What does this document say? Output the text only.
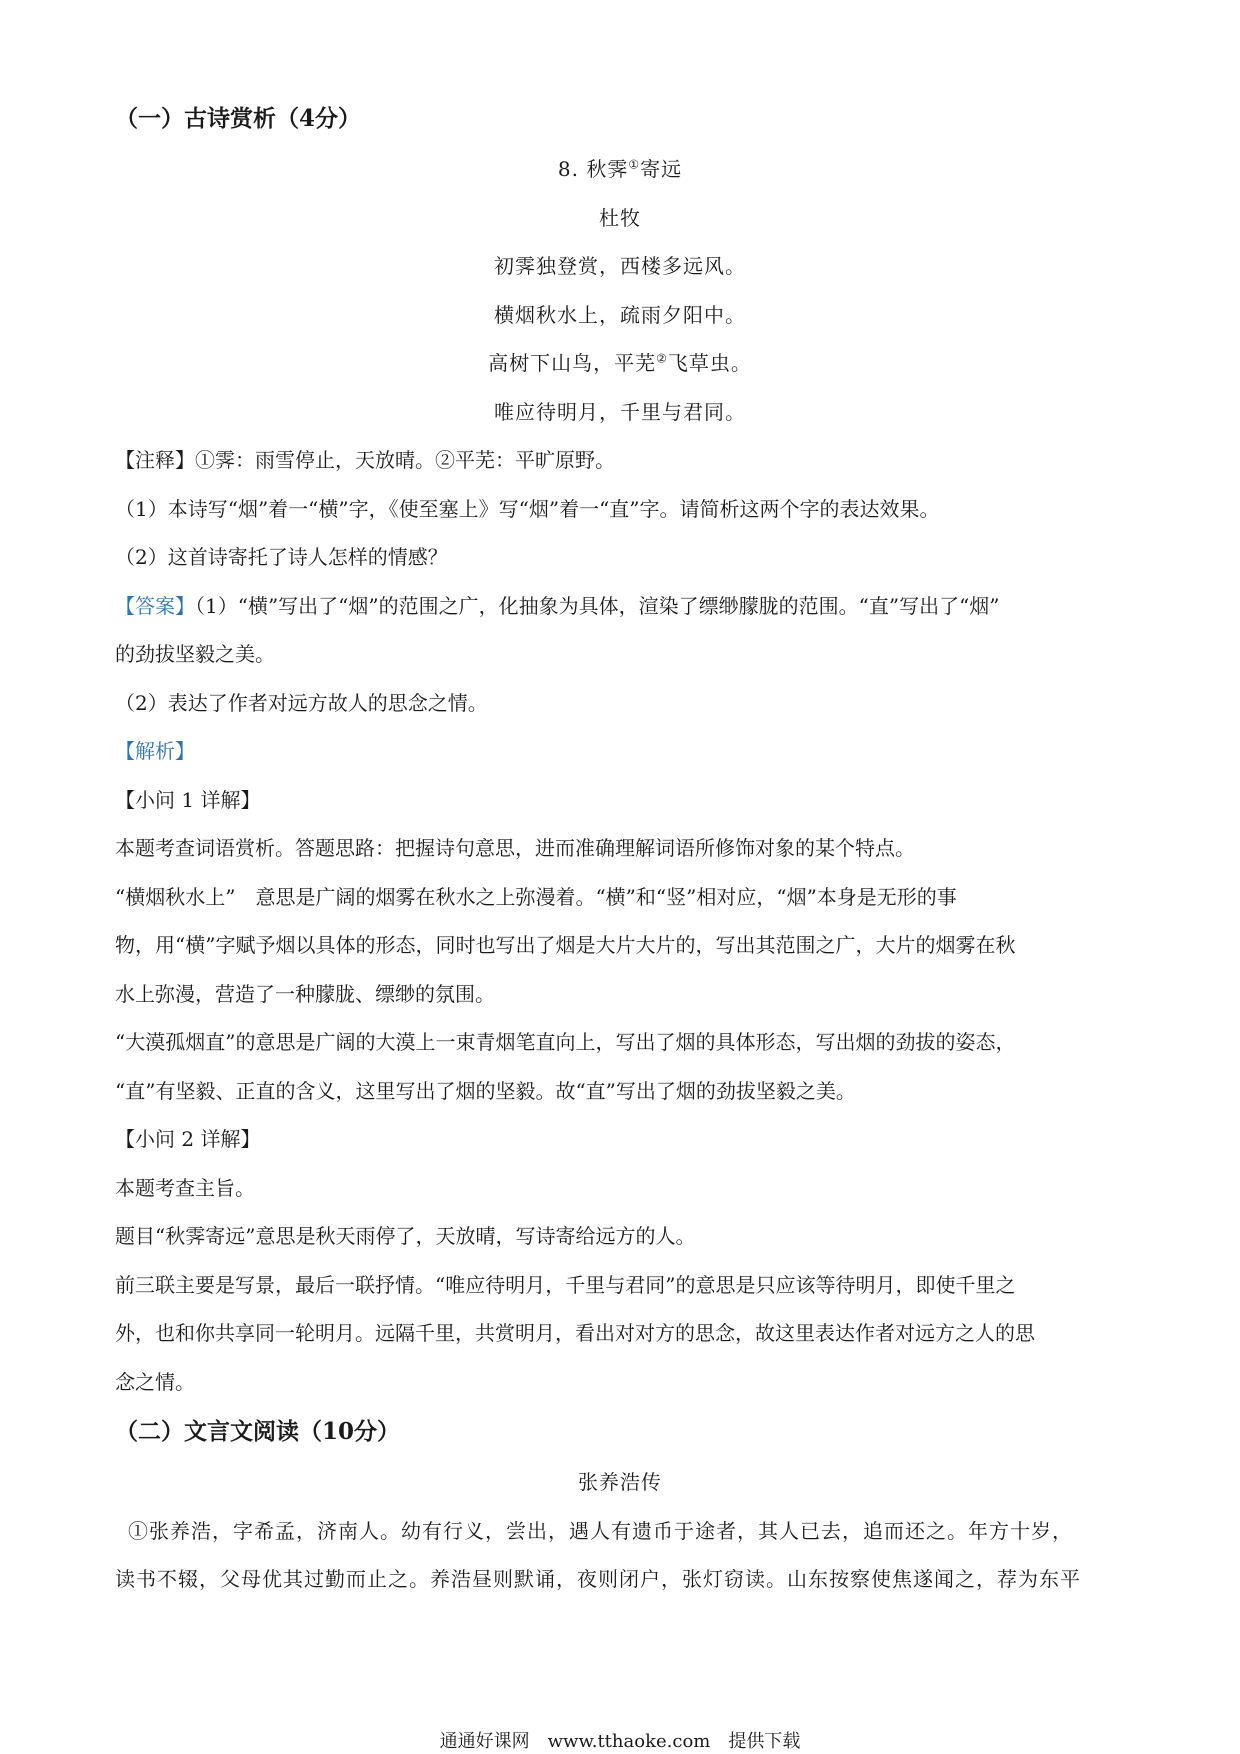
（一）古诗赏析（4分）
8. 秋霁①寄远
杜牧
初霁独登赏，西楼多远风。
横烟秋水上，疏雨夕阳中。
高树下山鸟，平芜②飞草虫。
唯应待明月，千里与君同。
【注释】①霁：雨雪停止，天放晴。②平芜：平旷原野。
（1）本诗写“烟”着一“横”字，《使至塞上》写“烟”着一“直”字。请简析这两个字的表达效果。
（2）这首诗寄托了诗人怎样的情感？
【答案】（1）“横”写出了“烟”的范围之广，化抽象为具体，渲染了缥缈朦胧的范围。“直”写出了“烟”
的劲拔坚毅之美。
（2）表达了作者对远方故人的思念之情。
【解析】
【小问 1 详解】
本题考查词语赏析。答题思路：把握诗句意思，进而准确理解词语所修饰对象的某个特点。
“横烟秋水上”　意思是广阔的烟雾在秋水之上弥漫着。“横”和“竖”相对应，“烟”本身是无形的事
物，用“横”字赋予烟以具体的形态，同时也写出了烟是大片大片的，写出其范围之广，大片的烟雾在秋
水上弥漫，营造了一种朦胧、缥缈的氛围。
“大漠孤烟直”的意思是广阔的大漠上一束青烟笔直向上，写出了烟的具体形态，写出烟的劲拔的姿态，
“直”有坚毅、正直的含义，这里写出了烟的坚毅。故“直”写出了烟的劲拔坚毅之美。
【小问 2 详解】
本题考查主旨。
题目“秋霁寄远”意思是秋天雨停了，天放晴，写诗寄给远方的人。
前三联主要是写景，最后一联抒情。“唯应待明月，千里与君同”的意思是只应该等待明月，即使千里之
外，也和你共享同一轮明月。远隔千里，共赏明月，看出对对方的思念，故这里表达作者对远方之人的思
念之情。
（二）文言文阅读（10分）
张养浩传
①张养浩，字希孟，济南人。幼有行义，尝出，遇人有遗币于途者，其人已去，追而还之。年方十岁，
读书不辍，父母优其过勤而止之。养浩昼则默诵，夜则闭户，张灯窃读。山东按察使焦遂闻之，荐为东平
通通好课网　www.tthaoke.com　提供下载
